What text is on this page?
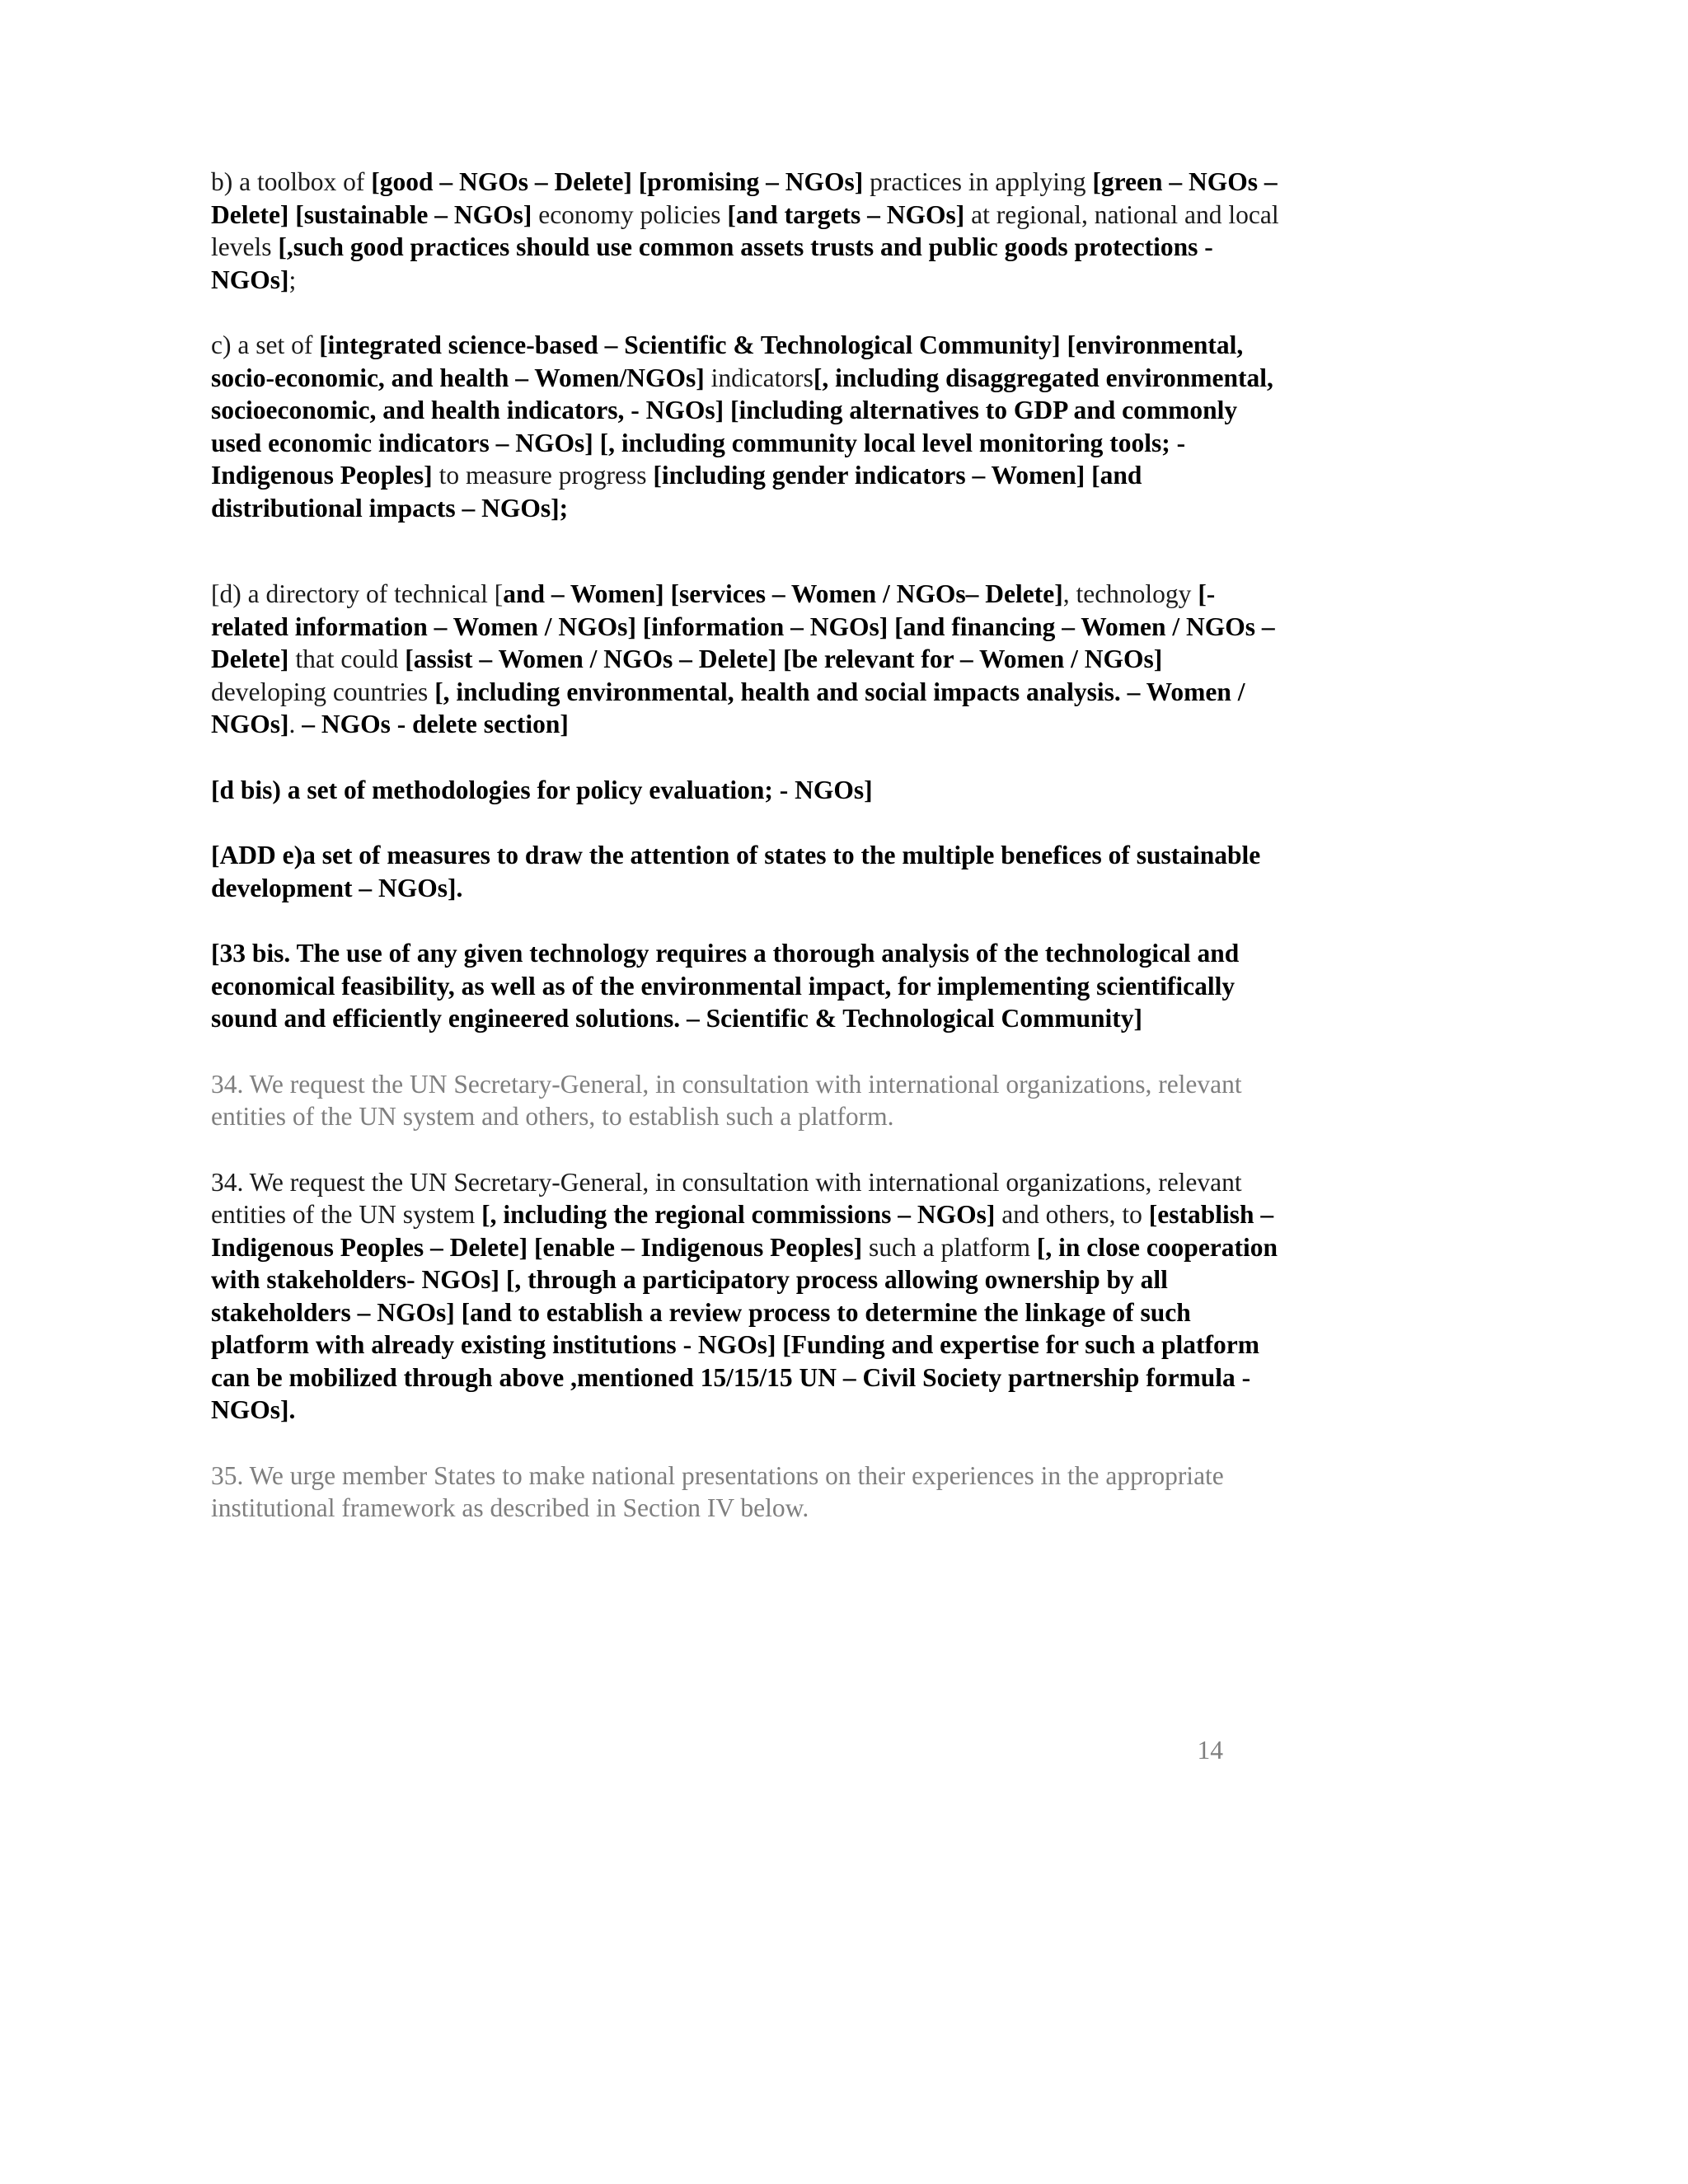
b) a toolbox of [good – NGOs – Delete] [promising – NGOs] practices in applying [green – NGOs – Delete] [sustainable – NGOs] economy policies [and targets – NGOs] at regional, national and local levels [,such good practices should use common assets trusts and public goods protections - NGOs];

c) a set of [integrated science-based – Scientific & Technological Community] [environmental, socio-economic, and health – Women/NGOs] indicators[, including disaggregated environmental, socioeconomic, and health indicators, - NGOs] [including alternatives to GDP and commonly used economic indicators – NGOs] [, including community local level monitoring tools; - Indigenous Peoples] to measure progress [including gender indicators – Women] [and distributional impacts – NGOs];

[d) a directory of technical [and – Women] [services – Women / NGOs– Delete], technology [-related information – Women / NGOs] [information – NGOs] [and financing – Women / NGOs – Delete] that could [assist – Women / NGOs – Delete] [be relevant for – Women / NGOs] developing countries [, including environmental, health and social impacts analysis. – Women / NGOs]. – NGOs - delete section]

[d bis) a set of methodologies for policy evaluation; - NGOs]

[ADD e)a set of measures to draw the attention of states to the multiple benefices of sustainable development – NGOs].

[33 bis. The use of any given technology requires a thorough analysis of the technological and economical feasibility, as well as of the environmental impact, for implementing scientifically sound and efficiently engineered solutions. – Scientific & Technological Community]

34. We request the UN Secretary-General, in consultation with international organizations, relevant entities of the UN system and others, to establish such a platform.

34. We request the UN Secretary-General, in consultation with international organizations, relevant entities of the UN system [, including the regional commissions – NGOs] and others, to [establish – Indigenous Peoples – Delete] [enable – Indigenous Peoples] such a platform [, in close cooperation with stakeholders- NGOs] [, through a participatory process allowing ownership by all stakeholders – NGOs] [and to establish a review process to determine the linkage of such platform with already existing institutions - NGOs] [Funding and expertise for such a platform can be mobilized through above ,mentioned 15/15/15 UN – Civil Society partnership formula - NGOs].

35. We urge member States to make national presentations on their experiences in the appropriate institutional framework as described in Section IV below.

14
